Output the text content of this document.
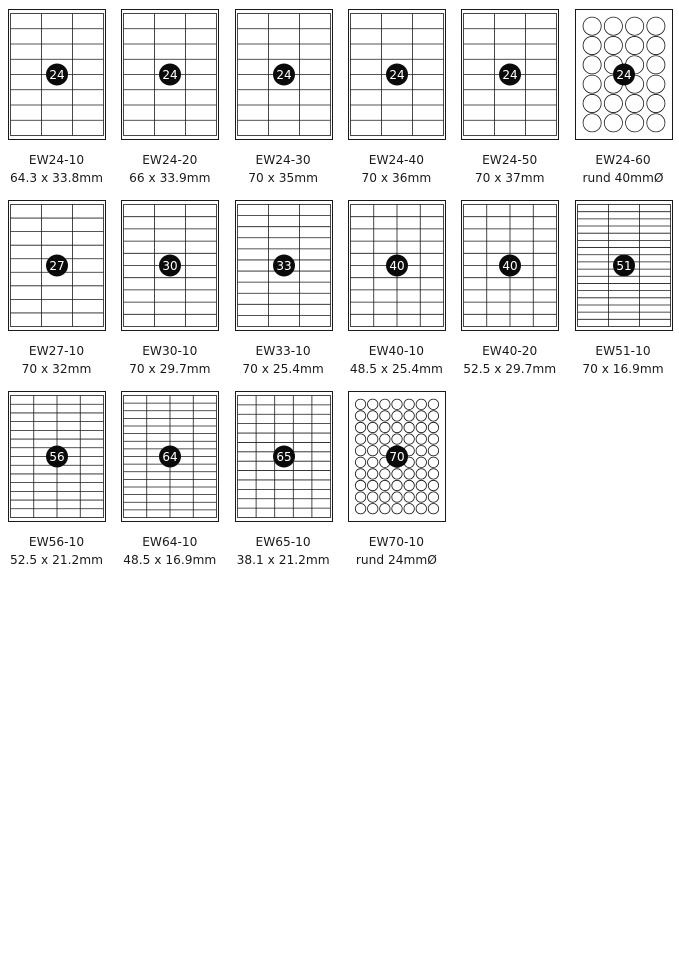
24
EW24-10
64.3 x 33.8mm
24
EW24-20
66 x 33.9mm
24
EW24-30
70 x 35mm
24
EW24-40
70 x 36mm
24
EW24-50
70 x 37mm
24
EW24-60
rund 40mmØ
27
EW27-10
70 x 32mm
30
EW30-10
70 x 29.7mm
33
EW33-10
70 x 25.4mm
40
EW40-10
48.5 x 25.4mm
40
EW40-20
52.5 x 29.7mm
51
EW51-10
70 x 16.9mm
56
EW56-10
52.5 x 21.2mm
64
EW64-10
48.5 x 16.9mm
65
EW65-10
38.1 x 21.2mm
70
EW70-10
rund 24mmØ
